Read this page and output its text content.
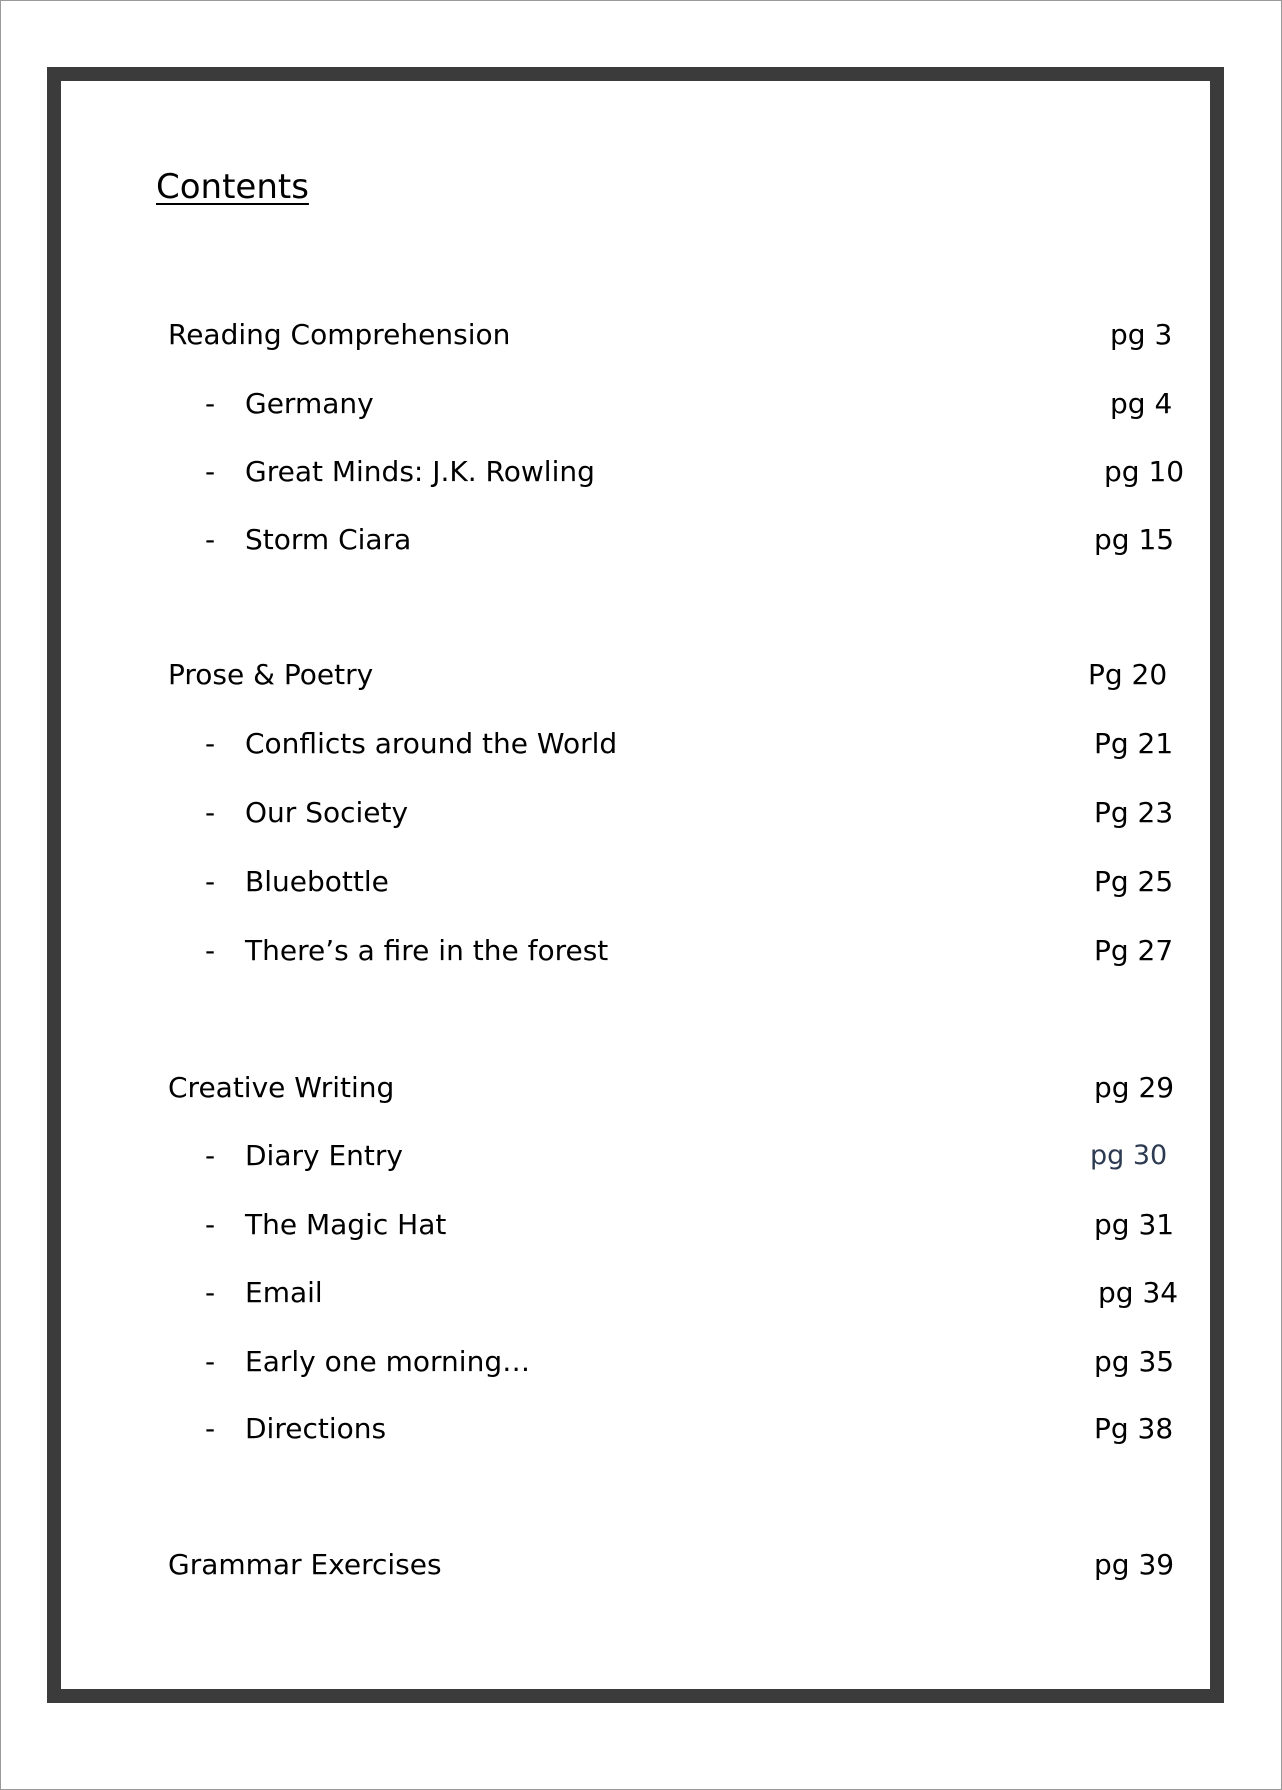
Contents
Reading Comprehension	pg 3
- Germany	pg 4
- Great Minds: J.K. Rowling	pg 10
- Storm Ciara	pg 15
Prose & Poetry	Pg 20
- Conflicts around the World	Pg 21
- Our Society	Pg 23
- Bluebottle	Pg 25
- There’s a fire in the forest	Pg 27
Creative Writing	pg 29
- Diary Entry	pg 30
- The Magic Hat	pg 31
- Email	pg 34
- Early one morning…	pg 35
- Directions	Pg 38
Grammar Exercises	pg 39
